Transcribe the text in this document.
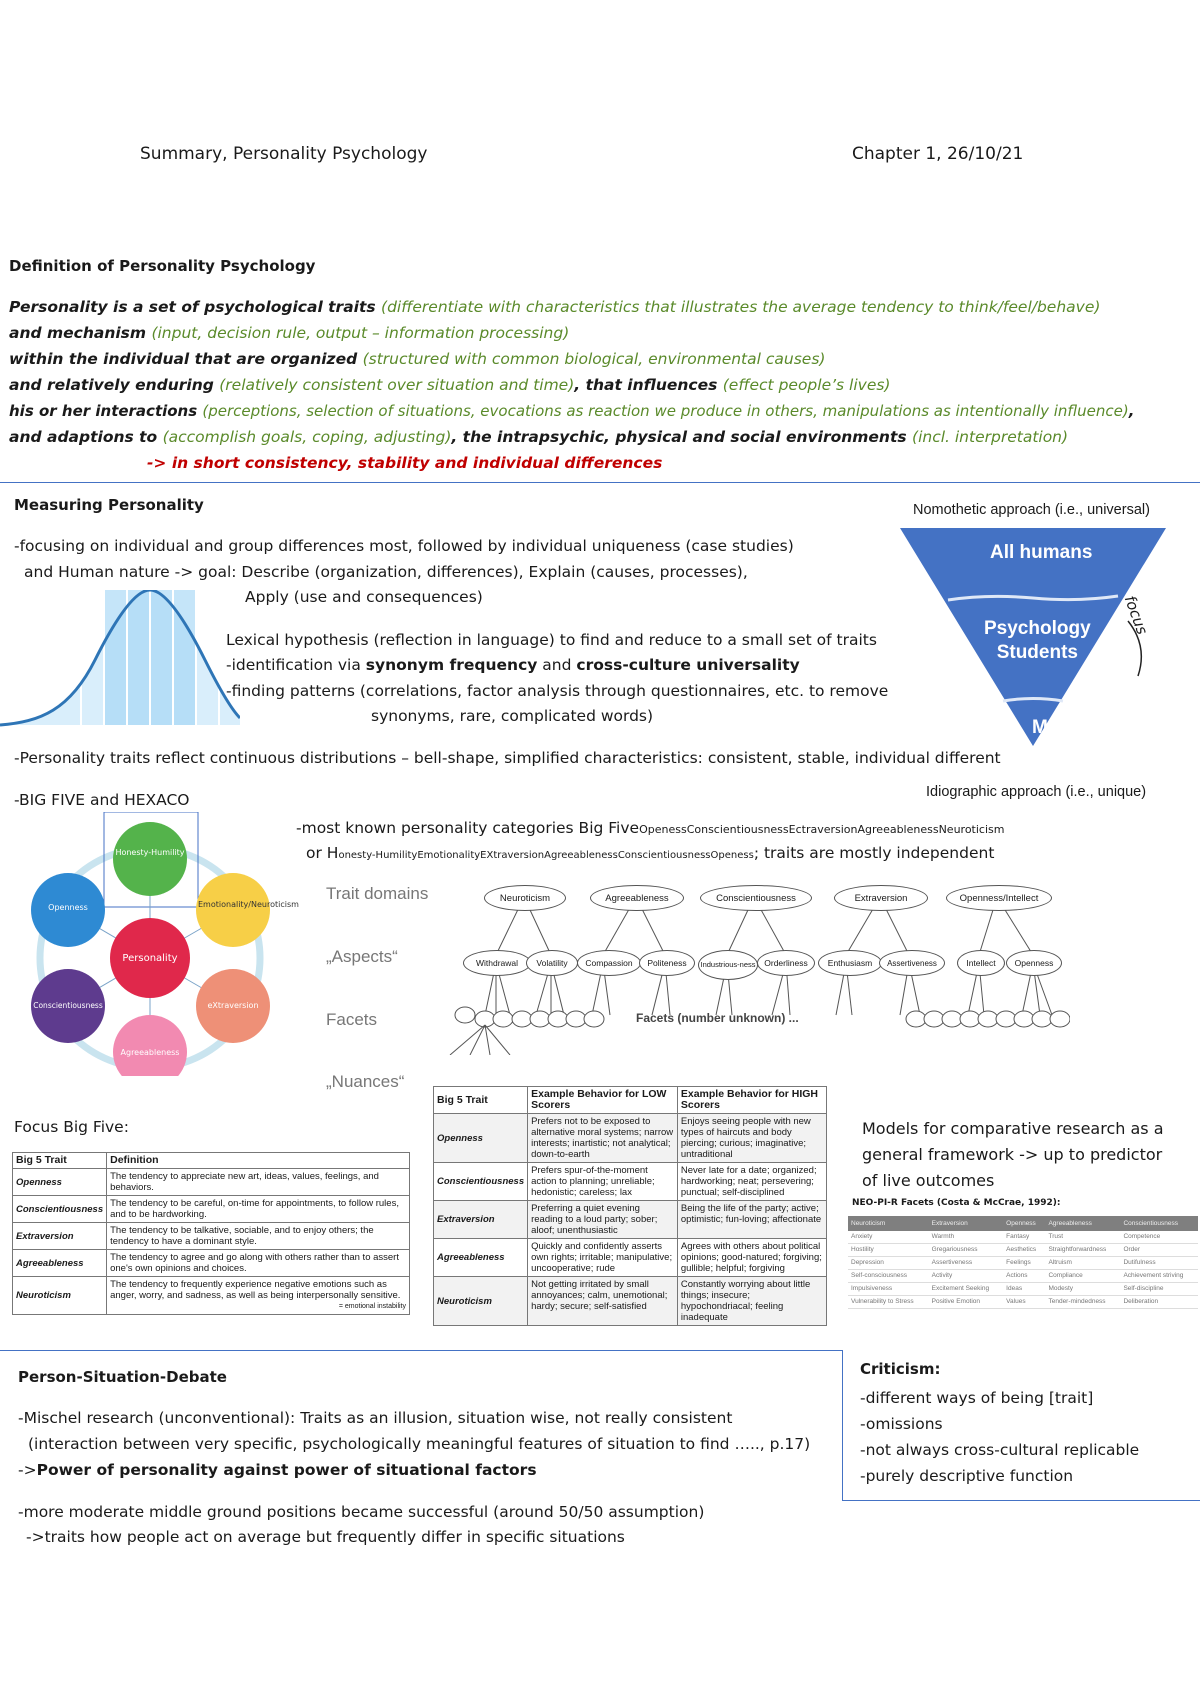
Summary, Personality Psychology	Chapter 1, 26/10/21
Definition of Personality Psychology
Personality is a set of psychological traits (differentiate with characteristics that illustrates the average tendency to think/feel/behave)
and mechanism (input, decision rule, output – information processing)
within the individual that are organized (structured with common biological, environmental causes)
and relatively enduring (relatively consistent over situation and time), that influences (effect people’s lives)
his or her interactions (perceptions, selection of situations, evocations as reaction we produce in others, manipulations as intentionally influence),
and adaptions to (accomplish goals, coping, adjusting), the intrapsychic, physical and social environments (incl. interpretation)
-> in short consistency, stability and individual differences
Measuring Personality
-focusing on individual and group differences most, followed by individual uniqueness (case studies)
and Human nature -> goal: Describe (organization, differences), Explain (causes, processes),
Apply (use and consequences)
Lexical hypothesis (reflection in language) to find and reduce to a small set of traits
-identification via synonym frequency and cross-culture universality
-finding patterns (correlations, factor analysis through questionnaires, etc. to remove
synonyms, rare, complicated words)
-Personality traits reflect continuous distributions – bell-shape, simplified characteristics: consistent, stable, individual different
Nomothetic approach (i.e., universal)
All humans
Psychology
Students
Me
focus
Idiographic approach (i.e., unique)
-BIG FIVE and HEXACO
-most known personality categories Big FiveOpenessConscientiousnessEctraversionAgreeablenessNeuroticism
or Honesty-HumilityEmotionalityEXtraversionAgreeablenessConscientiousnessOpeness; traits are mostly independent
Honesty-Humility
Emotionality/Neuroticism
eXtraversion
Agreeableness
Conscientiousness
Openness
Personality
Trait domains
„Aspects“
Facets
„Nuances“
Neuroticism	Agreeableness	Conscientiousness	Extraversion	Openness/Intellect
Withdrawal	Volatility	Compassion	Politeness	Industrious-ness	Orderliness	Enthusiasm	Assertiveness	Intellect	Openness
Facets (number unknown) ...
Focus Big Five:
Big 5 Trait	Definition
Openness	The tendency to appreciate new art, ideas, values, feelings, and behaviors.
Conscientiousness	The tendency to be careful, on-time for appointments, to follow rules, and to be hardworking.
Extraversion	The tendency to be talkative, sociable, and to enjoy others; the tendency to have a dominant style.
Agreeableness	The tendency to agree and go along with others rather than to assert one's own opinions and choices.
Neuroticism	The tendency to frequently experience negative emotions such as anger, worry, and sadness, as well as being interpersonally sensitive.
= emotional instability
Big 5 Trait	Example Behavior for LOW Scorers	Example Behavior for HIGH Scorers
Openness	Prefers not to be exposed to alternative moral systems; narrow interests; inartistic; not analytical; down-to-earth	Enjoys seeing people with new types of haircuts and body piercing; curious; imaginative; untraditional
Conscientiousness	Prefers spur-of-the-moment action to planning; unreliable; hedonistic; careless; lax	Never late for a date; organized; hardworking; neat; persevering; punctual; self-disciplined
Extraversion	Preferring a quiet evening reading to a loud party; sober; aloof; unenthusiastic	Being the life of the party; active; optimistic; fun-loving; affectionate
Agreeableness	Quickly and confidently asserts own rights; irritable; manipulative; uncooperative; rude	Agrees with others about political opinions; good-natured; forgiving; gullible; helpful; forgiving
Neuroticism	Not getting irritated by small annoyances; calm, unemotional; hardy; secure; self-satisfied	Constantly worrying about little things; insecure; hypochondriacal; feeling inadequate
Models for comparative research as a
general framework -> up to predictor
of live outcomes
NEO-PI-R Facets (Costa & McCrae, 1992):
Neuroticism	Extraversion	Openness	Agreeableness	Conscientiousness
Anxiety	Warmth	Fantasy	Trust	Competence
Hostility	Gregariousness	Aesthetics	Straightforwardness	Order
Depression	Assertiveness	Feelings	Altruism	Dutifulness
Self-consciousness	Activity	Actions	Compliance	Achievement striving
Impulsiveness	Excitement Seeking	Ideas	Modesty	Self-discipline
Vulnerability to Stress	Positive Emotion	Values	Tender-mindedness	Deliberation
Person-Situation-Debate
-Mischel research (unconventional): Traits as an illusion, situation wise, not really consistent
(interaction between very specific, psychologically meaningful features of situation to find ….., p.17)
->Power of personality against power of situational factors
-more moderate middle ground positions became successful (around 50/50 assumption)
->traits how people act on average but frequently differ in specific situations
Criticism:
-different ways of being [trait]
-omissions
-not always cross-cultural replicable
-purely descriptive function
